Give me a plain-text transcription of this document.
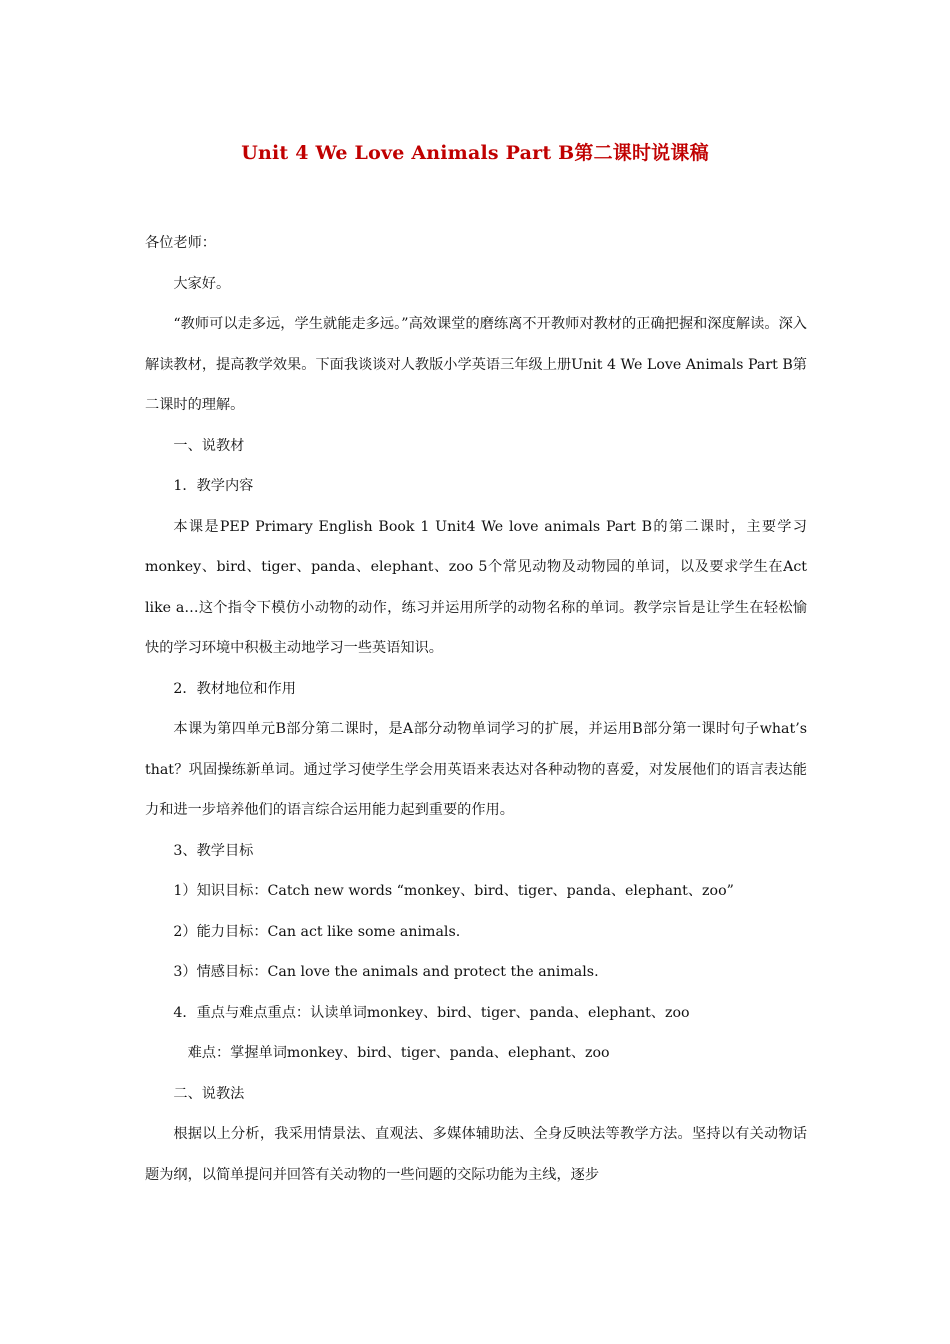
Unit 4 We Love Animals Part B第二课时说课稿

各位老师：

大家好。

“教师可以走多远，学生就能走多远。”高效课堂的磨练离不开教师对教材的正确把握和深度解读。深入解读教材，提高教学效果。下面我谈谈对人教版小学英语三年级上册Unit 4 We Love Animals Part B第二课时的理解。

一、说教材

1．教学内容

本课是PEP Primary English Book 1 Unit4 We love animals Part B的第二课时，主要学习monkey、bird、tiger、panda、elephant、zoo 5个常见动物及动物园的单词，以及要求学生在Act like a…这个指令下模仿小动物的动作，练习并运用所学的动物名称的单词。教学宗旨是让学生在轻松愉快的学习环境中积极主动地学习一些英语知识。

2．教材地位和作用

本课为第四单元B部分第二课时，是A部分动物单词学习的扩展，并运用B部分第一课时句子what’s that？巩固操练新单词。通过学习使学生学会用英语来表达对各种动物的喜爱，对发展他们的语言表达能力和进一步培养他们的语言综合运用能力起到重要的作用。

3、教学目标

1）知识目标：Catch new words “monkey、bird、tiger、panda、elephant、zoo”

2）能力目标：Can act like some animals.

3）情感目标：Can love the animals and protect the animals.

4．重点与难点重点：认读单词monkey、bird、tiger、panda、elephant、zoo

难点：掌握单词monkey、bird、tiger、panda、elephant、zoo

二、说教法

根据以上分析，我采用情景法、直观法、多媒体辅助法、全身反映法等教学方法。坚持以有关动物话题为纲，以简单提问并回答有关动物的一些问题的交际功能为主线，逐步
